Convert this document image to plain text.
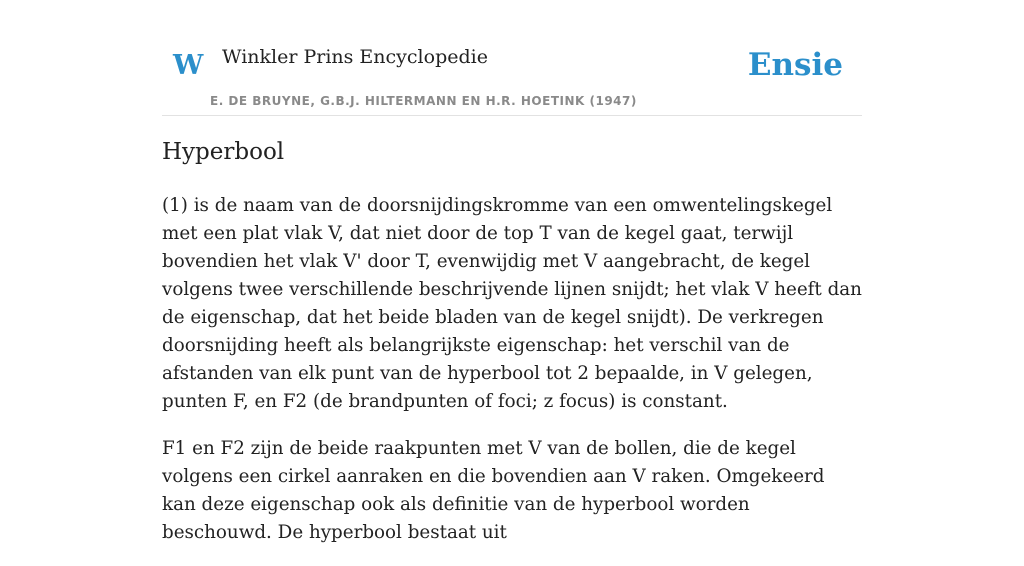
W Winkler Prins Encyclopedie
E. DE BRUYNE, G.B.J. HILTERMANN EN H.R. HOETINK (1947)
Ensie
Hyperbool

(1) is de naam van de doorsnijdingskromme van een omwentelingskegel met een plat vlak V, dat niet door de top T van de kegel gaat, terwijl bovendien het vlak V' door T, evenwijdig met V aangebracht, de kegel volgens twee verschillende beschrijvende lijnen snijdt; het vlak V heeft dan de eigenschap, dat het beide bladen van de kegel snijdt). De verkregen doorsnijding heeft als belangrijkste eigenschap: het verschil van de afstanden van elk punt van de hyperbool tot 2 bepaalde, in V gelegen, punten F, en F2 (de brandpunten of foci; z focus) is constant.

F1 en F2 zijn de beide raakpunten met V van de bollen, die de kegel volgens een cirkel aanraken en die bovendien aan V raken. Omgekeerd kan deze eigenschap ook als definitie van de hyperbool worden beschouwd. De hyperbool bestaat uit
